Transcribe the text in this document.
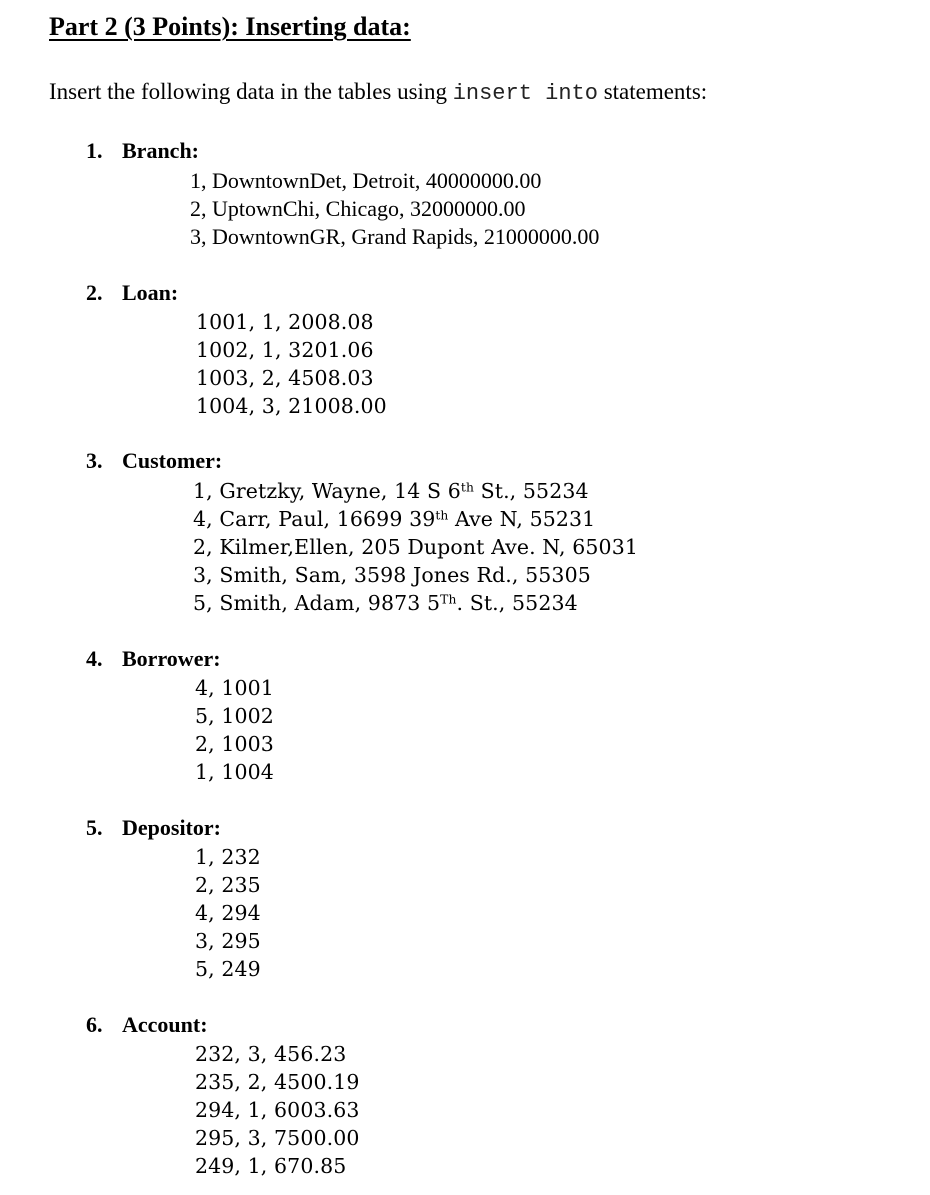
Part 2 (3 Points): Inserting data:
Insert the following data in the tables using insert into statements:
1. Branch:
1, DowntownDet, Detroit, 40000000.00
2, UptownChi, Chicago, 32000000.00
3, DowntownGR, Grand Rapids, 21000000.00
2. Loan:
1001, 1, 2008.08
1002, 1, 3201.06
1003, 2, 4508.03
1004, 3, 21008.00
3. Customer:
1, Gretzky, Wayne, 14 S 6th St., 55234
4, Carr, Paul, 16699 39th Ave N, 55231
2, Kilmer,Ellen, 205 Dupont Ave. N, 65031
3, Smith, Sam, 3598 Jones Rd., 55305
5, Smith, Adam, 9873 5Th. St., 55234
4. Borrower:
4, 1001
5, 1002
2, 1003
1, 1004
5. Depositor:
1, 232
2, 235
4, 294
3, 295
5, 249
6. Account:
232, 3, 456.23
235, 2, 4500.19
294, 1, 6003.63
295, 3, 7500.00
249, 1, 670.85
